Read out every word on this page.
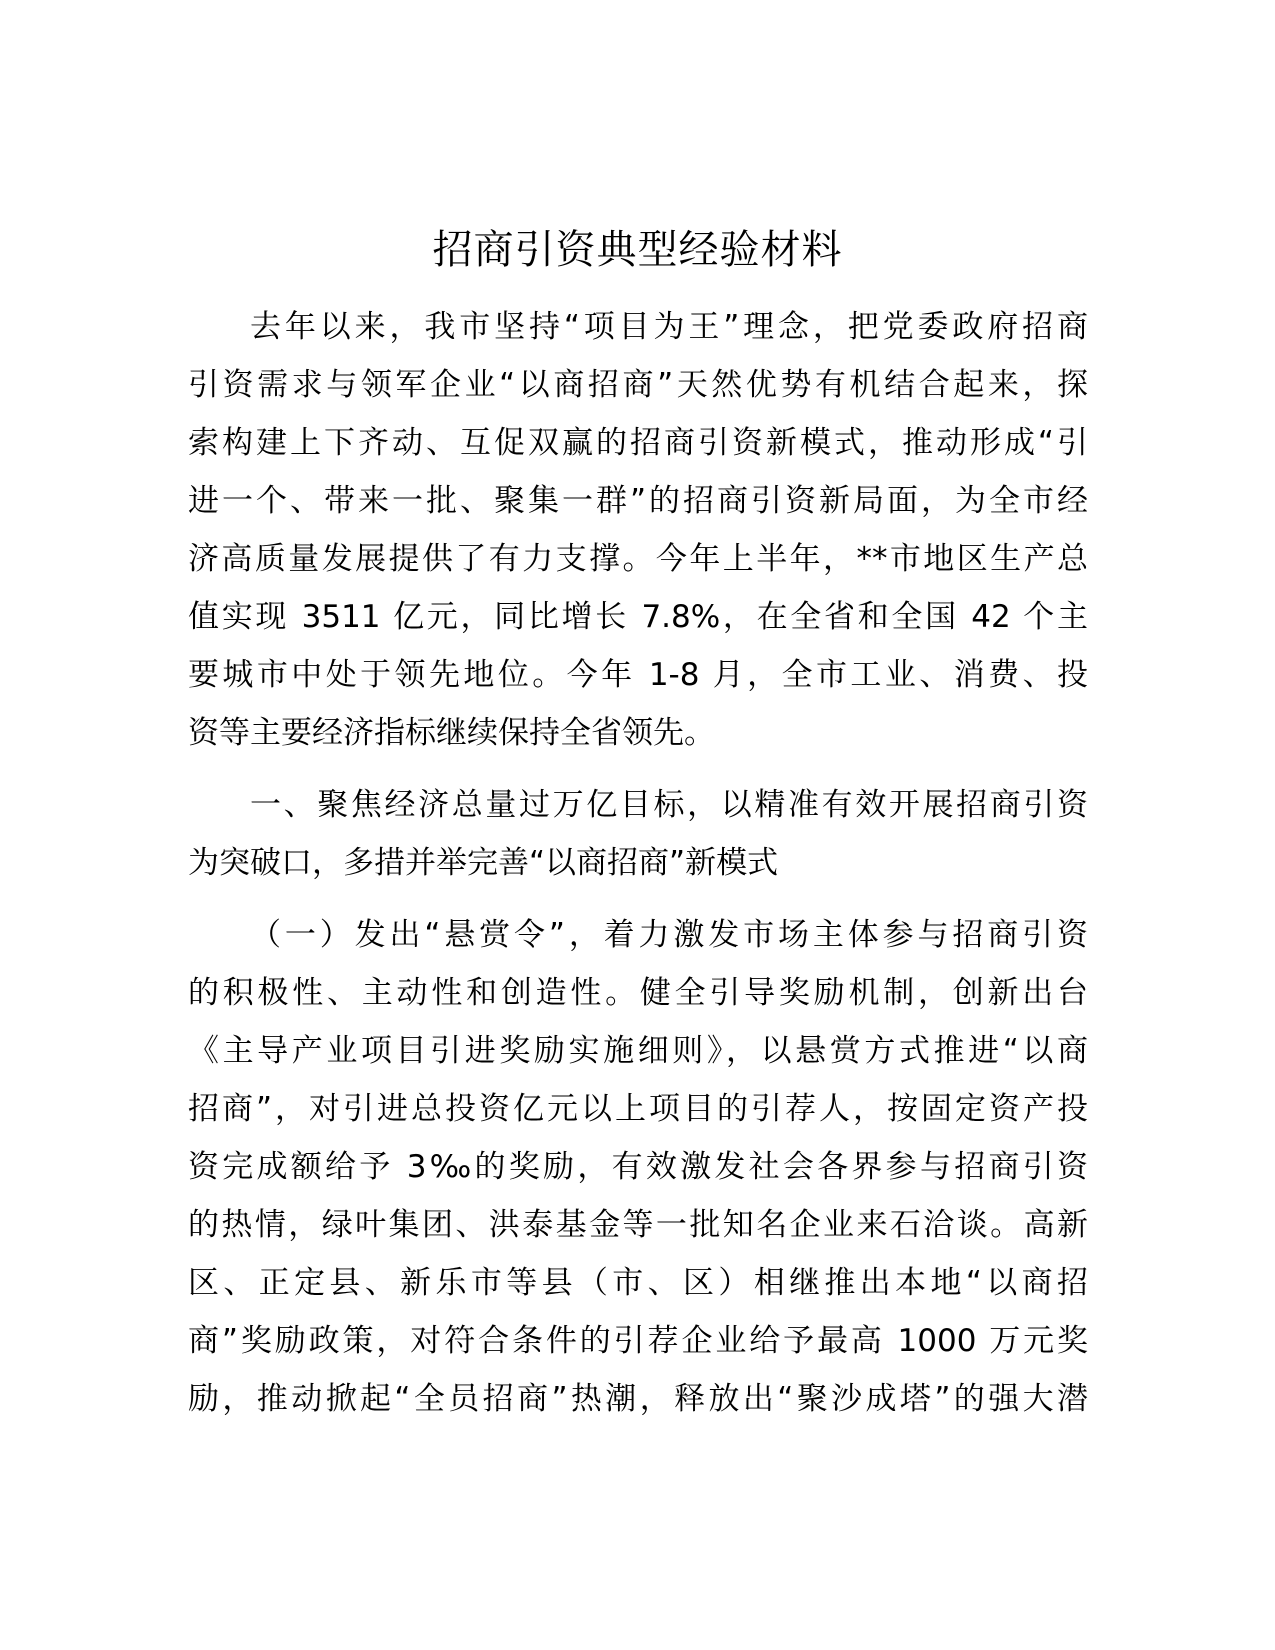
招商引资典型经验材料
去年以来，我市坚持“项目为王”理念，把党委政府招商
引资需求与领军企业“以商招商”天然优势有机结合起来，探
索构建上下齐动、互促双赢的招商引资新模式，推动形成“引
进一个、带来一批、聚集一群”的招商引资新局面，为全市经
济高质量发展提供了有力支撑。今年上半年，**市地区生产总
值实现 3511 亿元，同比增长 7.8%，在全省和全国 42 个主
要城市中处于领先地位。今年 1-8 月，全市工业、消费、投
资等主要经济指标继续保持全省领先。
一、聚焦经济总量过万亿目标，以精准有效开展招商引资
为突破口，多措并举完善“以商招商”新模式
（一）发出“悬赏令”，着力激发市场主体参与招商引资
的积极性、主动性和创造性。健全引导奖励机制，创新出台
《主导产业项目引进奖励实施细则》，以悬赏方式推进“以商
招商”，对引进总投资亿元以上项目的引荐人，按固定资产投
资完成额给予 3‰的奖励，有效激发社会各界参与招商引资
的热情，绿叶集团、洪泰基金等一批知名企业来石洽谈。高新
区、正定县、新乐市等县（市、区）相继推出本地“以商招
商”奖励政策，对符合条件的引荐企业给予最高 1000 万元奖
励，推动掀起“全员招商”热潮，释放出“聚沙成塔”的强大潜
